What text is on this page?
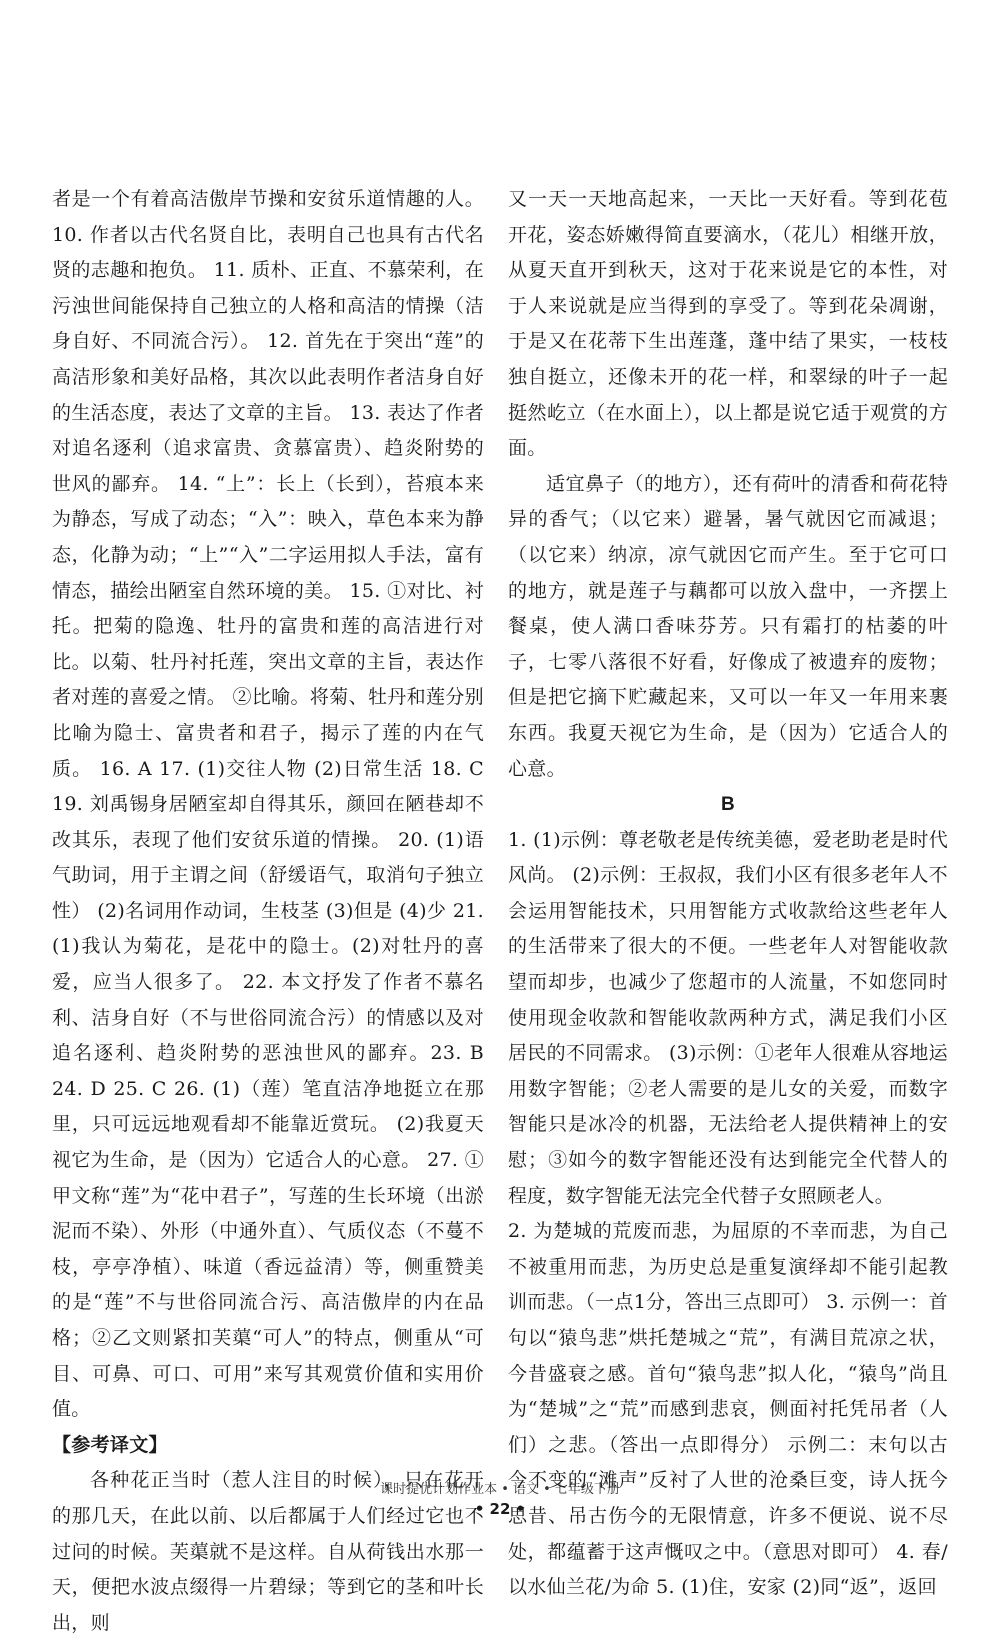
者是一个有着高洁傲岸节操和安贫乐道情趣的人。10. 作者以古代名贤自比，表明自己也具有古代名贤的志趣和抱负。 11. 质朴、正直、不慕荣利，在污浊世间能保持自己独立的人格和高洁的情操（洁身自好、不同流合污）。 12. 首先在于突出“莲”的高洁形象和美好品格，其次以此表明作者洁身自好的生活态度，表达了文章的主旨。 13. 表达了作者对追名逐利（追求富贵、贪慕富贵）、趋炎附势的世风的鄙弃。 14. “上”：长上（长到），苔痕本来为静态，写成了动态；“入”：映入，草色本来为静态，化静为动；“上”“入”二字运用拟人手法，富有情态，描绘出陋室自然环境的美。 15. ①对比、衬托。把菊的隐逸、牡丹的富贵和莲的高洁进行对比。以菊、牡丹衬托莲，突出文章的主旨，表达作者对莲的喜爱之情。 ②比喻。将菊、牡丹和莲分别比喻为隐士、富贵者和君子，揭示了莲的内在气质。 16. A 17. (1)交往人物 (2)日常生活 18. C 19. 刘禹锡身居陋室却自得其乐，颜回在陋巷却不改其乐，表现了他们安贫乐道的情操。 20. (1)语气助词，用于主谓之间（舒缓语气，取消句子独立性） (2)名词用作动词，生枝茎 (3)但是 (4)少 21. (1)我认为菊花，是花中的隐士。(2)对牡丹的喜爱，应当人很多了。 22. 本文抒发了作者不慕名利、洁身自好（不与世俗同流合污）的情感以及对追名逐利、趋炎附势的恶浊世风的鄙弃。23. B 24. D 25. C 26. (1)（莲）笔直洁净地挺立在那里，只可远远地观看却不能靠近赏玩。 (2)我夏天视它为生命，是（因为）它适合人的心意。 27. ①甲文称“莲”为“花中君子”，写莲的生长环境（出淤泥而不染）、外形（中通外直）、气质仪态（不蔓不枝，亭亭净植）、味道（香远益清）等，侧重赞美的是“莲”不与世俗同流合污、高洁傲岸的内在品格；②乙文则紧扣芙蕖“可人”的特点，侧重从“可目、可鼻、可口、可用”来写其观赏价值和实用价值。

【参考译文】

各种花正当时（惹人注目的时候），只在花开的那几天，在此以前、以后都属于人们经过它也不过问的时候。芙蕖就不是这样。自从荷钱出水那一天，便把水波点缀得一片碧绿；等到它的茎和叶长出，则

又一天一天地高起来，一天比一天好看。等到花苞开花，姿态娇嫩得简直要滴水，（花儿）相继开放，从夏天直开到秋天，这对于花来说是它的本性，对于人来说就是应当得到的享受了。等到花朵凋谢，于是又在花蒂下生出莲蓬，蓬中结了果实，一枝枝独自挺立，还像未开的花一样，和翠绿的叶子一起挺然屹立（在水面上），以上都是说它适于观赏的方面。

适宜鼻子（的地方），还有荷叶的清香和荷花特异的香气；（以它来）避暑，暑气就因它而减退；（以它来）纳凉，凉气就因它而产生。至于它可口的地方，就是莲子与藕都可以放入盘中，一齐摆上餐桌，使人满口香味芬芳。只有霜打的枯萎的叶子，七零八落很不好看，好像成了被遗弃的废物；但是把它摘下贮藏起来，又可以一年又一年用来裹东西。我夏天视它为生命，是（因为）它适合人的心意。

B

1. (1)示例：尊老敬老是传统美德，爱老助老是时代风尚。 (2)示例：王叔叔，我们小区有很多老年人不会运用智能技术，只用智能方式收款给这些老年人的生活带来了很大的不便。一些老年人对智能收款望而却步，也减少了您超市的人流量，不如您同时使用现金收款和智能收款两种方式，满足我们小区居民的不同需求。 (3)示例：①老年人很难从容地运用数字智能；②老人需要的是儿女的关爱，而数字智能只是冰冷的机器，无法给老人提供精神上的安慰；③如今的数字智能还没有达到能完全代替人的程度，数字智能无法完全代替子女照顾老人。

2. 为楚城的荒废而悲，为屈原的不幸而悲，为自己不被重用而悲，为历史总是重复演绎却不能引起教训而悲。（一点1分，答出三点即可） 3. 示例一：首句以“猿鸟悲”烘托楚城之“荒”，有满目荒凉之状，今昔盛衰之感。首句“猿鸟悲”拟人化，“猿鸟”尚且为“楚城”之“荒”而感到悲哀，侧面衬托凭吊者（人们）之悲。（答出一点即得分） 示例二：末句以古今不变的“滩声”反衬了人世的沧桑巨变，诗人抚今思昔、吊古伤今的无限情意，许多不便说、说不尽处，都蕴蓄于这声慨叹之中。（意思对即可） 4. 春/以水仙兰花/为命 5. (1)住，安家 (2)同“返”，返回

课时提优计划作业本 • 语文 • 七年级下册
• 22 •
